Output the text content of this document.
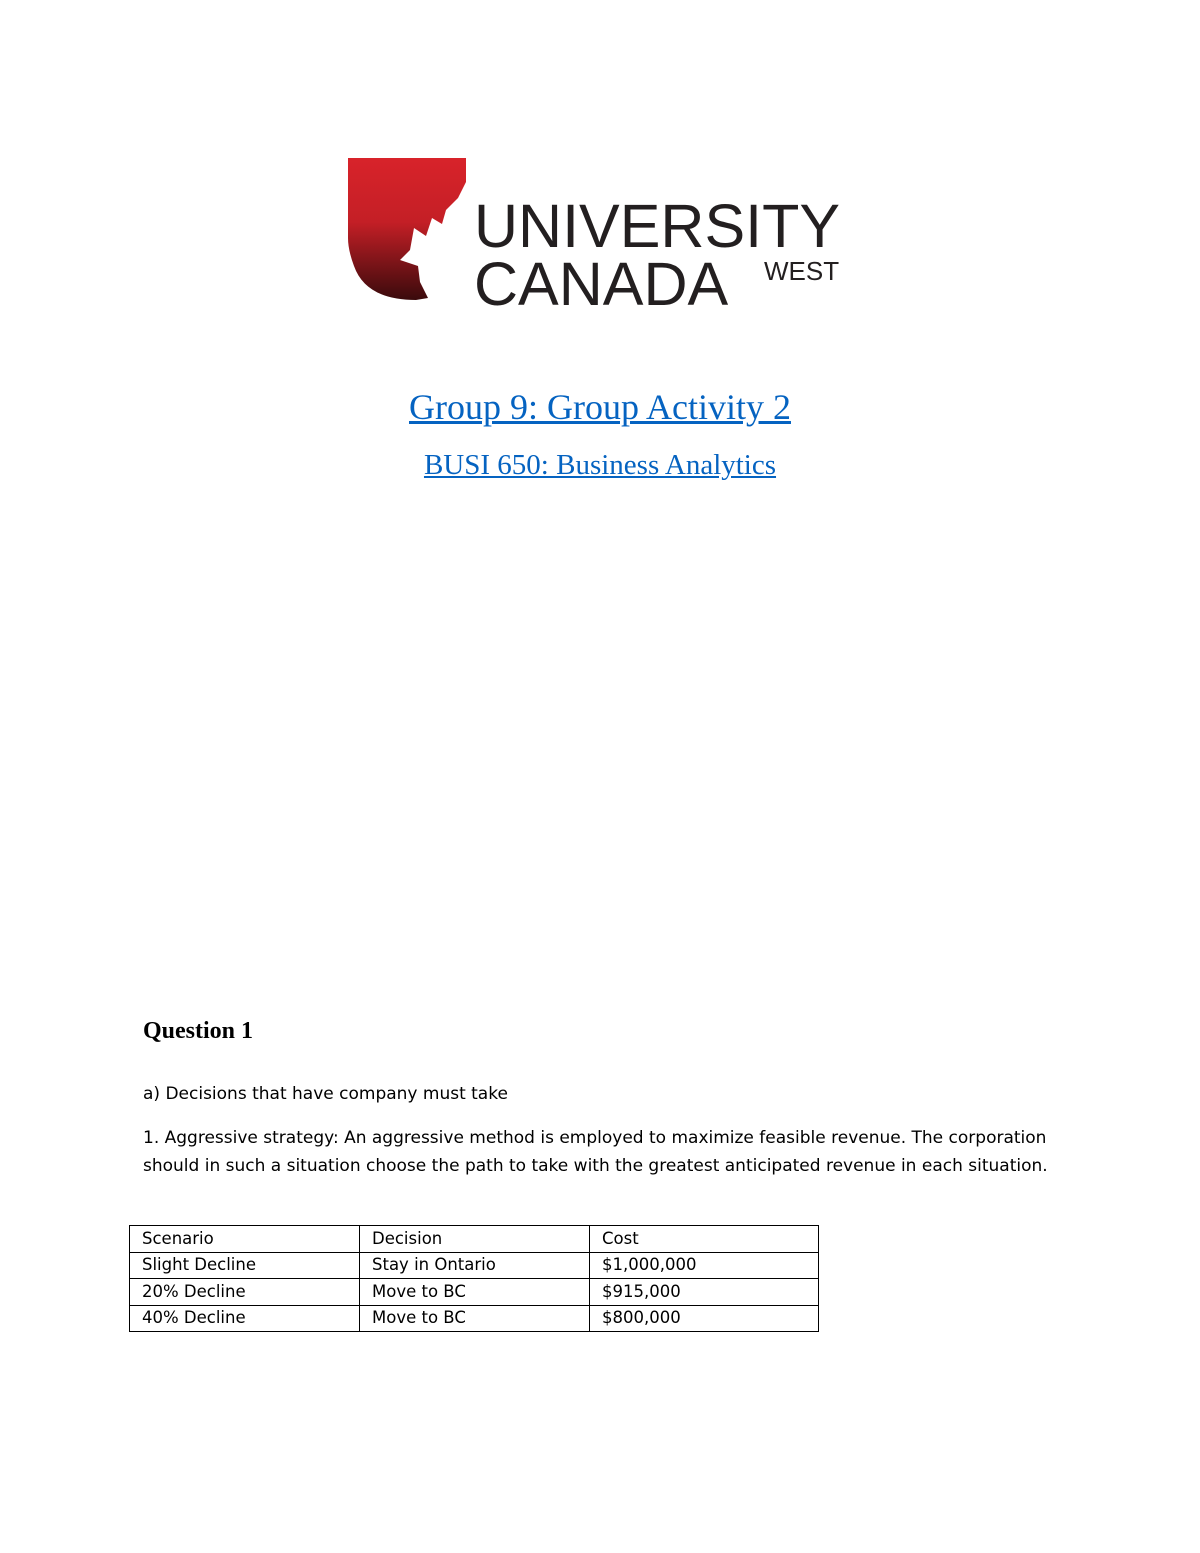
UNIVERSITY
CANADA WEST
Group 9: Group Activity 2
BUSI 650: Business Analytics
Question 1

a) Decisions that have company must take

1. Aggressive strategy: An aggressive method is employed to maximize feasible revenue. The corporation should in such a situation choose the path to take with the greatest anticipated revenue in each situation.

Scenario	Decision	Cost
Slight Decline	Stay in Ontario	$1,000,000
20% Decline	Move to BC	$915,000
40% Decline	Move to BC	$800,000
